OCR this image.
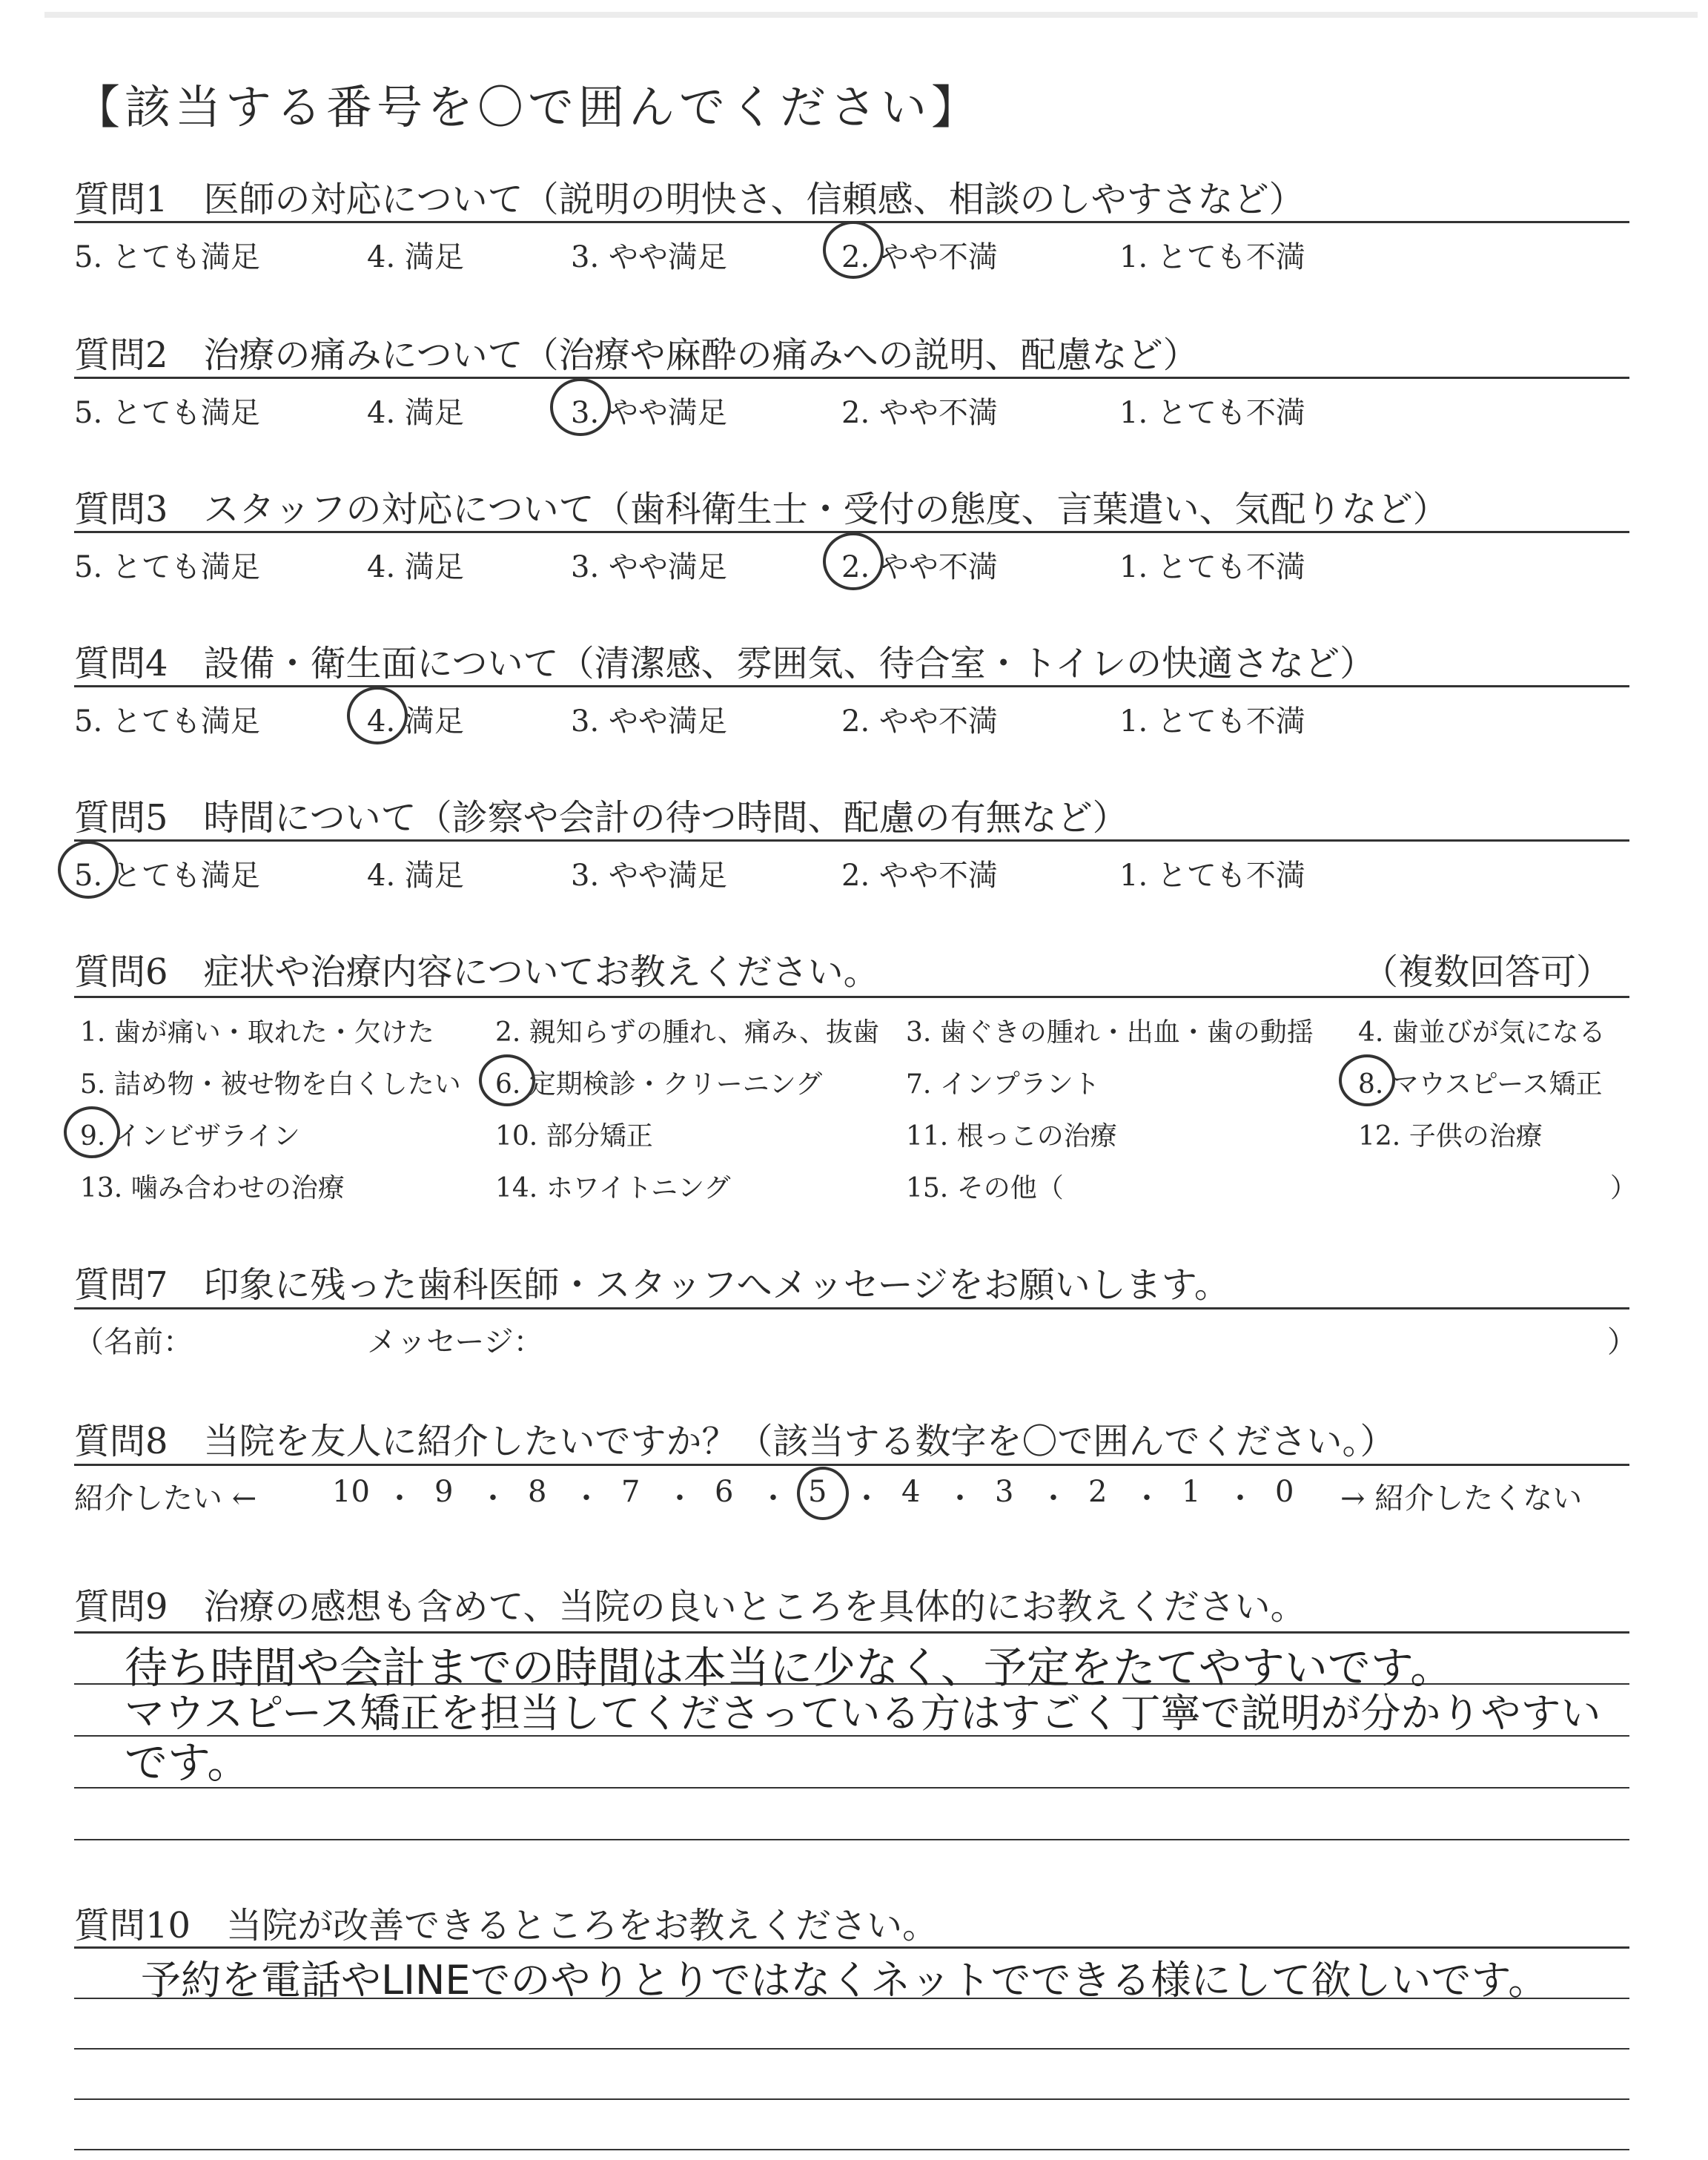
【該当する番号を〇で囲んでください】
質問1　医師の対応について（説明の明快さ、信頼感、相談のしやすさなど）
5. とても満足	4. 満足	3. やや満足	2. やや不満	1. とても不満
質問2　治療の痛みについて（治療や麻酔の痛みへの説明、配慮など）
5. とても満足	4. 満足	3. やや満足	2. やや不満	1. とても不満
質問3　スタッフの対応について（歯科衛生士・受付の態度、言葉遣い、気配りなど）
5. とても満足	4. 満足	3. やや満足	2. やや不満	1. とても不満
質問4　設備・衛生面について（清潔感、雰囲気、待合室・トイレの快適さなど）
5. とても満足	4. 満足	3. やや満足	2. やや不満	1. とても不満
質問5　時間について（診察や会計の待つ時間、配慮の有無など）
5. とても満足	4. 満足	3. やや満足	2. やや不満	1. とても不満
質問6　症状や治療内容についてお教えください。	（複数回答可）
1. 歯が痛い・取れた・欠けた 2. 親知らずの腫れ、痛み、抜歯 3. 歯ぐきの腫れ・出血・歯の動揺 4. 歯並びが気になる
5. 詰め物・被せ物を白くしたい 6. 定期検診・クリーニング	7. インプラント	8. マウスピース矯正
9. インビザライン	10. 部分矯正	11. 根っこの治療	12. 子供の治療
13. 噛み合わせの治療	14. ホワイトニング	15. その他（	）
質問7　印象に残った歯科医師・スタッフへメッセージをお願いします。
（名前：	メッセージ：	）
質問8　当院を友人に紹介したいですか？（該当する数字を〇で囲んでください。）
紹介したい ←	10 ・ 9 ・ 8 ・ 7 ・ 6 ・ 5 ・ 4 ・ 3 ・ 2 ・ 1 ・ 0 → 紹介したくない
質問9　治療の感想も含めて、当院の良いところを具体的にお教えください。
待ち時間や会計までの時間は本当に少なく、予定をたてやすいです。
マウスピース矯正を担当してくださっている方はすごく丁寧で説明が分かりやすい
です。
質問10　当院が改善できるところをお教えください。
予約を電話やLINEでのやりとりではなくネットでできる様にして欲しいです。
